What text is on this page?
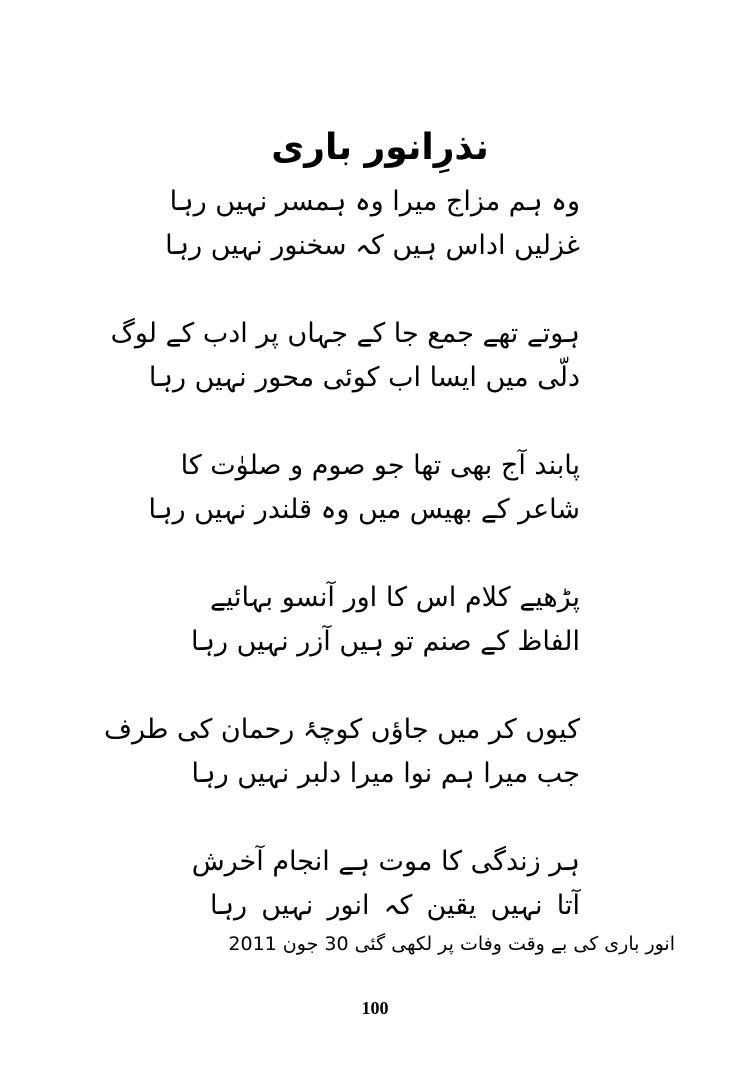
نذرِانور باری
وہ ہم مزاج میرا وہ ہمسر نہیں رہا
غزلیں اداس ہیں کہ سخنور نہیں رہا
ہوتے تھے جمع جا کے جہاں پر ادب کے لوگ
دلّی میں ایسا اب کوئی محور نہیں رہا
پابند آج بھی تھا جو صوم و صلوٰت کا
شاعر کے بھیس میں وہ قلندر نہیں رہا
پڑھیے کلام اس کا اور آنسو بہائیے
الفاظ کے صنم تو ہیں آزر نہیں رہا
کیوں کر میں جاؤں کوچۂ رحمان کی طرف
جب میرا ہم نوا میرا دلبر نہیں رہا
ہر زندگی کا موت ہے انجام آخرش
آتا نہیں یقین کہ انور نہیں رہا
انور باری کی بے وقت وفات پر لکھی گئی 30 جون 2011
100
